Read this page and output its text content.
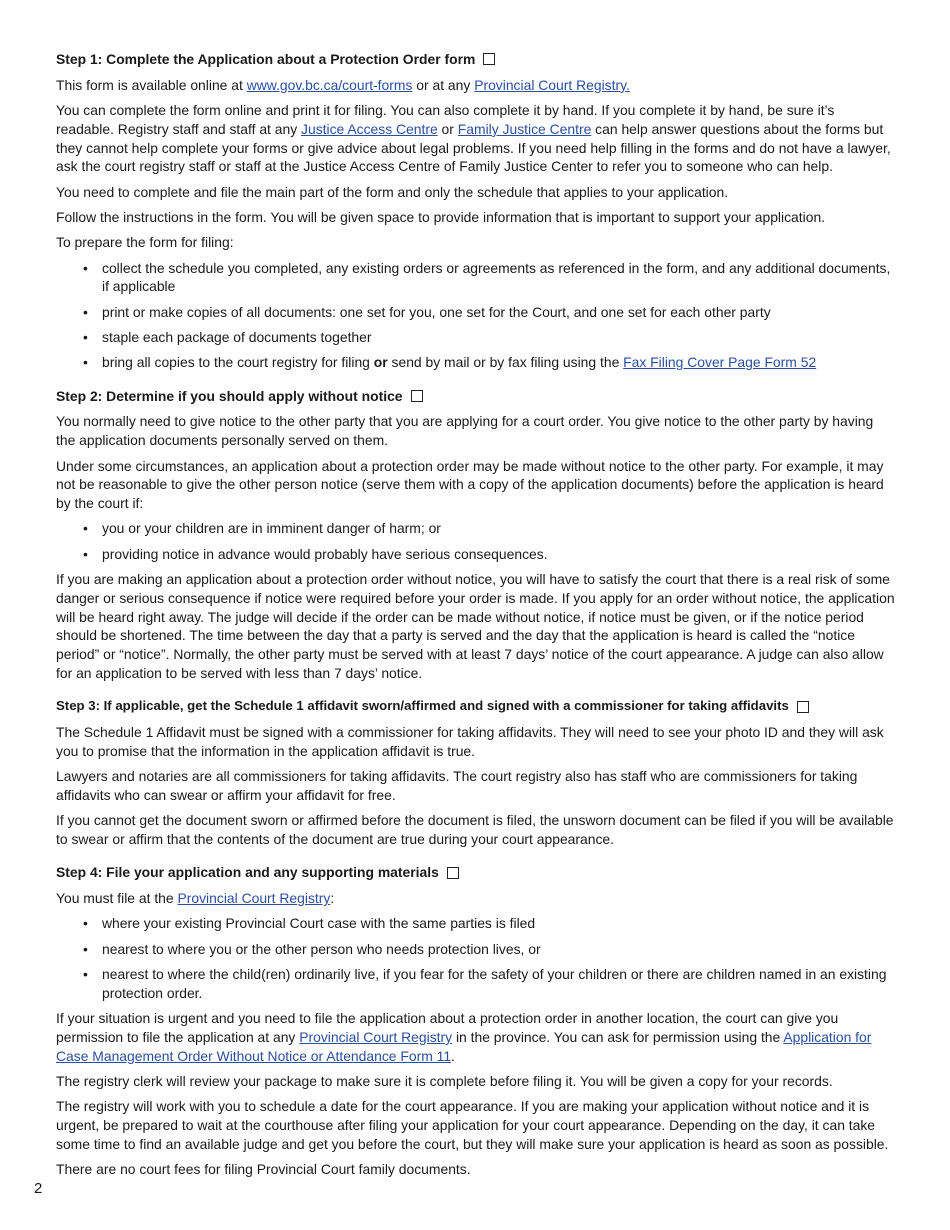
Step 1: Complete the Application about a Protection Order form

This form is available online at www.gov.bc.ca/court-forms or at any Provincial Court Registry.

You can complete the form online and print it for filing. You can also complete it by hand. If you complete it by hand, be sure it’s readable. Registry staff and staff at any Justice Access Centre or Family Justice Centre can help answer questions about the forms but they cannot help complete your forms or give advice about legal problems. If you need help filling in the forms and do not have a lawyer, ask the court registry staff or staff at the Justice Access Centre of Family Justice Center to refer you to someone who can help.

You need to complete and file the main part of the form and only the schedule that applies to your application.

Follow the instructions in the form. You will be given space to provide information that is important to support your application.

To prepare the form for filing:

• collect the schedule you completed, any existing orders or agreements as referenced in the form, and any additional documents, if applicable
• print or make copies of all documents: one set for you, one set for the Court, and one set for each other party
• staple each package of documents together
• bring all copies to the court registry for filing or send by mail or by fax filing using the Fax Filing Cover Page Form 52
Step 2: Determine if you should apply without notice

You normally need to give notice to the other party that you are applying for a court order. You give notice to the other party by having the application documents personally served on them.

Under some circumstances, an application about a protection order may be made without notice to the other party. For example, it may not be reasonable to give the other person notice (serve them with a copy of the application documents) before the application is heard by the court if:

• you or your children are in imminent danger of harm; or
• providing notice in advance would probably have serious consequences.

If you are making an application about a protection order without notice, you will have to satisfy the court that there is a real risk of some danger or serious consequence if notice were required before your order is made. If you apply for an order without notice, the application will be heard right away. The judge will decide if the order can be made without notice, if notice must be given, or if the notice period should be shortened. The time between the day that a party is served and the day that the application is heard is called the “notice period” or “notice”. Normally, the other party must be served with at least 7 days’ notice of the court appearance. A judge can also allow for an application to be served with less than 7 days’ notice.

Step 3: If applicable, get the Schedule 1 affidavit sworn/affirmed and signed with a commissioner for taking affidavits

The Schedule 1 Affidavit must be signed with a commissioner for taking affidavits. They will need to see your photo ID and they will ask you to promise that the information in the application affidavit is true.

Lawyers and notaries are all commissioners for taking affidavits. The court registry also has staff who are commissioners for taking affidavits who can swear or affirm your affidavit for free.

If you cannot get the document sworn or affirmed before the document is filed, the unsworn document can be filed if you will be available to swear or affirm that the contents of the document are true during your court appearance.

Step 4: File your application and any supporting materials

You must file at the Provincial Court Registry:

• where your existing Provincial Court case with the same parties is filed
• nearest to where you or the other person who needs protection lives, or
• nearest to where the child(ren) ordinarily live, if you fear for the safety of your children or there are children named in an existing protection order.

If your situation is urgent and you need to file the application about a protection order in another location, the court can give you permission to file the application at any Provincial Court Registry in the province. You can ask for permission using the Application for Case Management Order Without Notice or Attendance Form 11.

The registry clerk will review your package to make sure it is complete before filing it. You will be given a copy for your records.

The registry will work with you to schedule a date for the court appearance. If you are making your application without notice and it is urgent, be prepared to wait at the courthouse after filing your application for your court appearance. Depending on the day, it can take some time to find an available judge and get you before the court, but they will make sure your application is heard as soon as possible.

There are no court fees for filing Provincial Court family documents.

2
